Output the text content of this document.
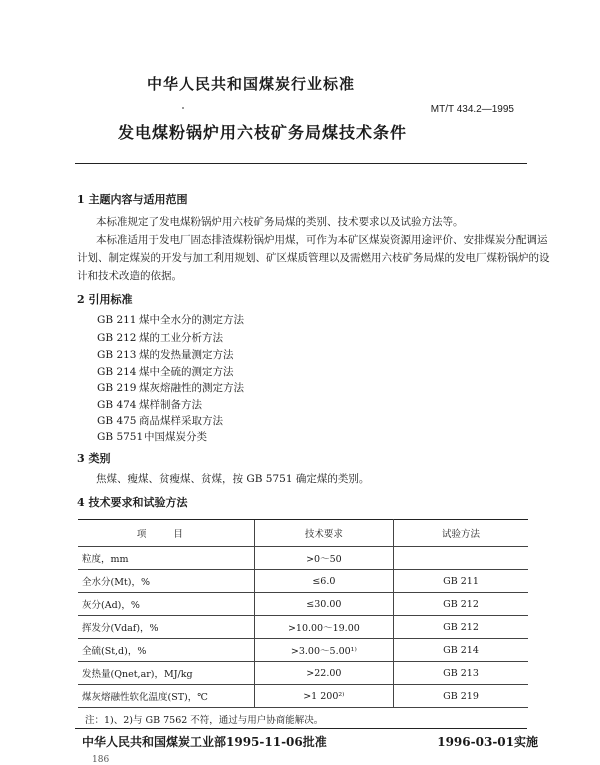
中华人民共和国煤炭行业标准
MT/T 434.2—1995
发电煤粉锅炉用六枝矿务局煤技术条件
1 主题内容与适用范围
本标准规定了发电煤粉锅炉用六枝矿务局煤的类别、技术要求以及试验方法等。
本标准适用于发电厂固态排渣煤粉锅炉用煤，可作为本矿区煤炭资源用途评价、安排煤炭分配调运
计划、制定煤炭的开发与加工利用规划、矿区煤质管理以及需燃用六枝矿务局煤的发电厂煤粉锅炉的设
计和技术改造的依据。
2 引用标准
GB 211 煤中全水分的测定方法
GB 212 煤的工业分析方法
GB 213 煤的发热量测定方法
GB 214 煤中全硫的测定方法
GB 219 煤灰熔融性的测定方法
GB 474 煤样制备方法
GB 475 商品煤样采取方法
GB 5751中国煤炭分类
3 类别
焦煤、瘦煤、贫瘦煤、贫煤，按 GB 5751 确定煤的类别。
4 技术要求和试验方法
项 目	技术要求	试验方法
粒度，mm	>0～50	
全水分(Mt)，%	≤6.0	GB 211
灰分(Ad)，%	≤30.00	GB 212
挥发分(Vdaf)，%	>10.00～19.00	GB 212
全硫(St,d)，%	>3.00～5.00¹⁾	GB 214
发热量(Qnet,ar)，MJ/kg	>22.00	GB 213
煤灰熔融性软化温度(ST)，℃	>1 200²⁾	GB 219
注：1)、2)与 GB 7562 不符，通过与用户协商能解决。
中华人民共和国煤炭工业部1995-11-06批准	1996-03-01实施
186
